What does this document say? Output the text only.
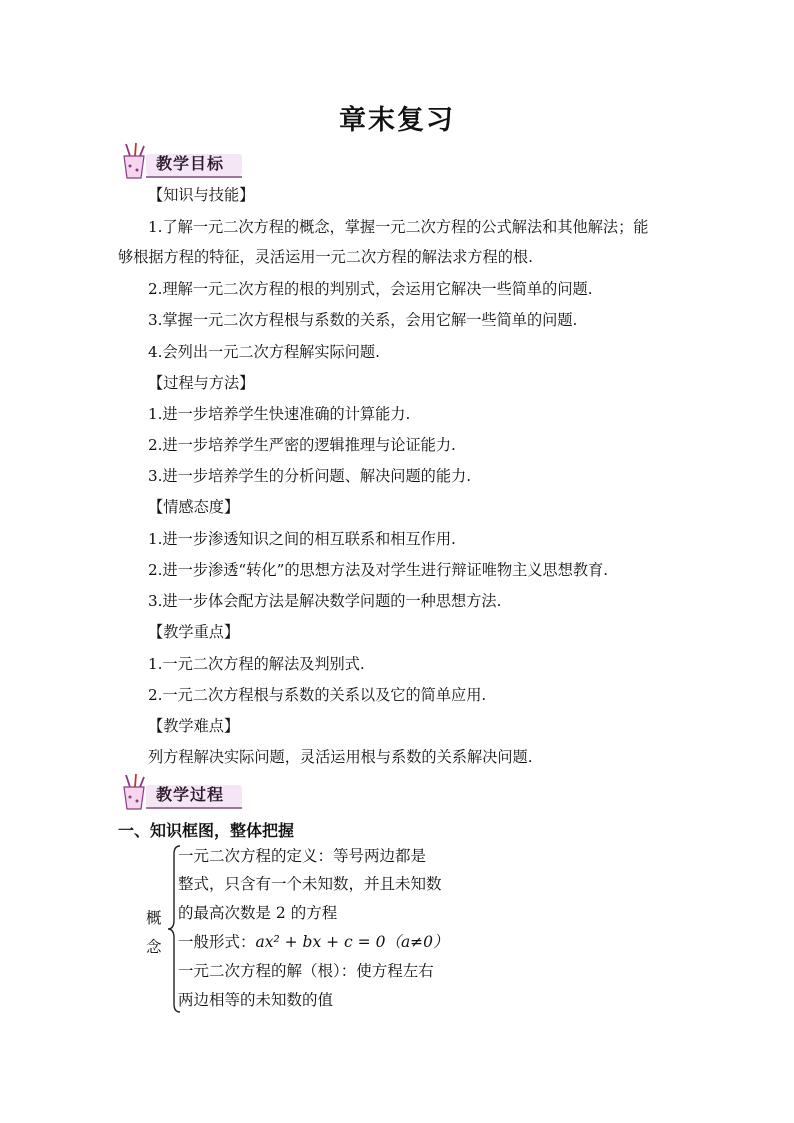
章末复习
教学目标
【知识与技能】
1.了解一元二次方程的概念，掌握一元二次方程的公式解法和其他解法；能
够根据方程的特征，灵活运用一元二次方程的解法求方程的根.
2.理解一元二次方程的根的判别式，会运用它解决一些简单的问题.
3.掌握一元二次方程根与系数的关系，会用它解一些简单的问题.
4.会列出一元二次方程解实际问题.
【过程与方法】
1.进一步培养学生快速准确的计算能力.
2.进一步培养学生严密的逻辑推理与论证能力.
3.进一步培养学生的分析问题、解决问题的能力.
【情感态度】
1.进一步渗透知识之间的相互联系和相互作用.
2.进一步渗透“转化”的思想方法及对学生进行辩证唯物主义思想教育.
3.进一步体会配方法是解决数学问题的一种思想方法.
【教学重点】
1.一元二次方程的解法及判别式.
2.一元二次方程根与系数的关系以及它的简单应用.
【教学难点】
列方程解决实际问题，灵活运用根与系数的关系解决问题.
教学过程
一、知识框图，整体把握
概
念
一元二次方程的定义：等号两边都是
整式，只含有一个未知数，并且未知数
的最高次数是 2 的方程
一般形式：ax² + bx + c = 0（a≠0）
一元二次方程的解（根）：使方程左右
两边相等的未知数的值
